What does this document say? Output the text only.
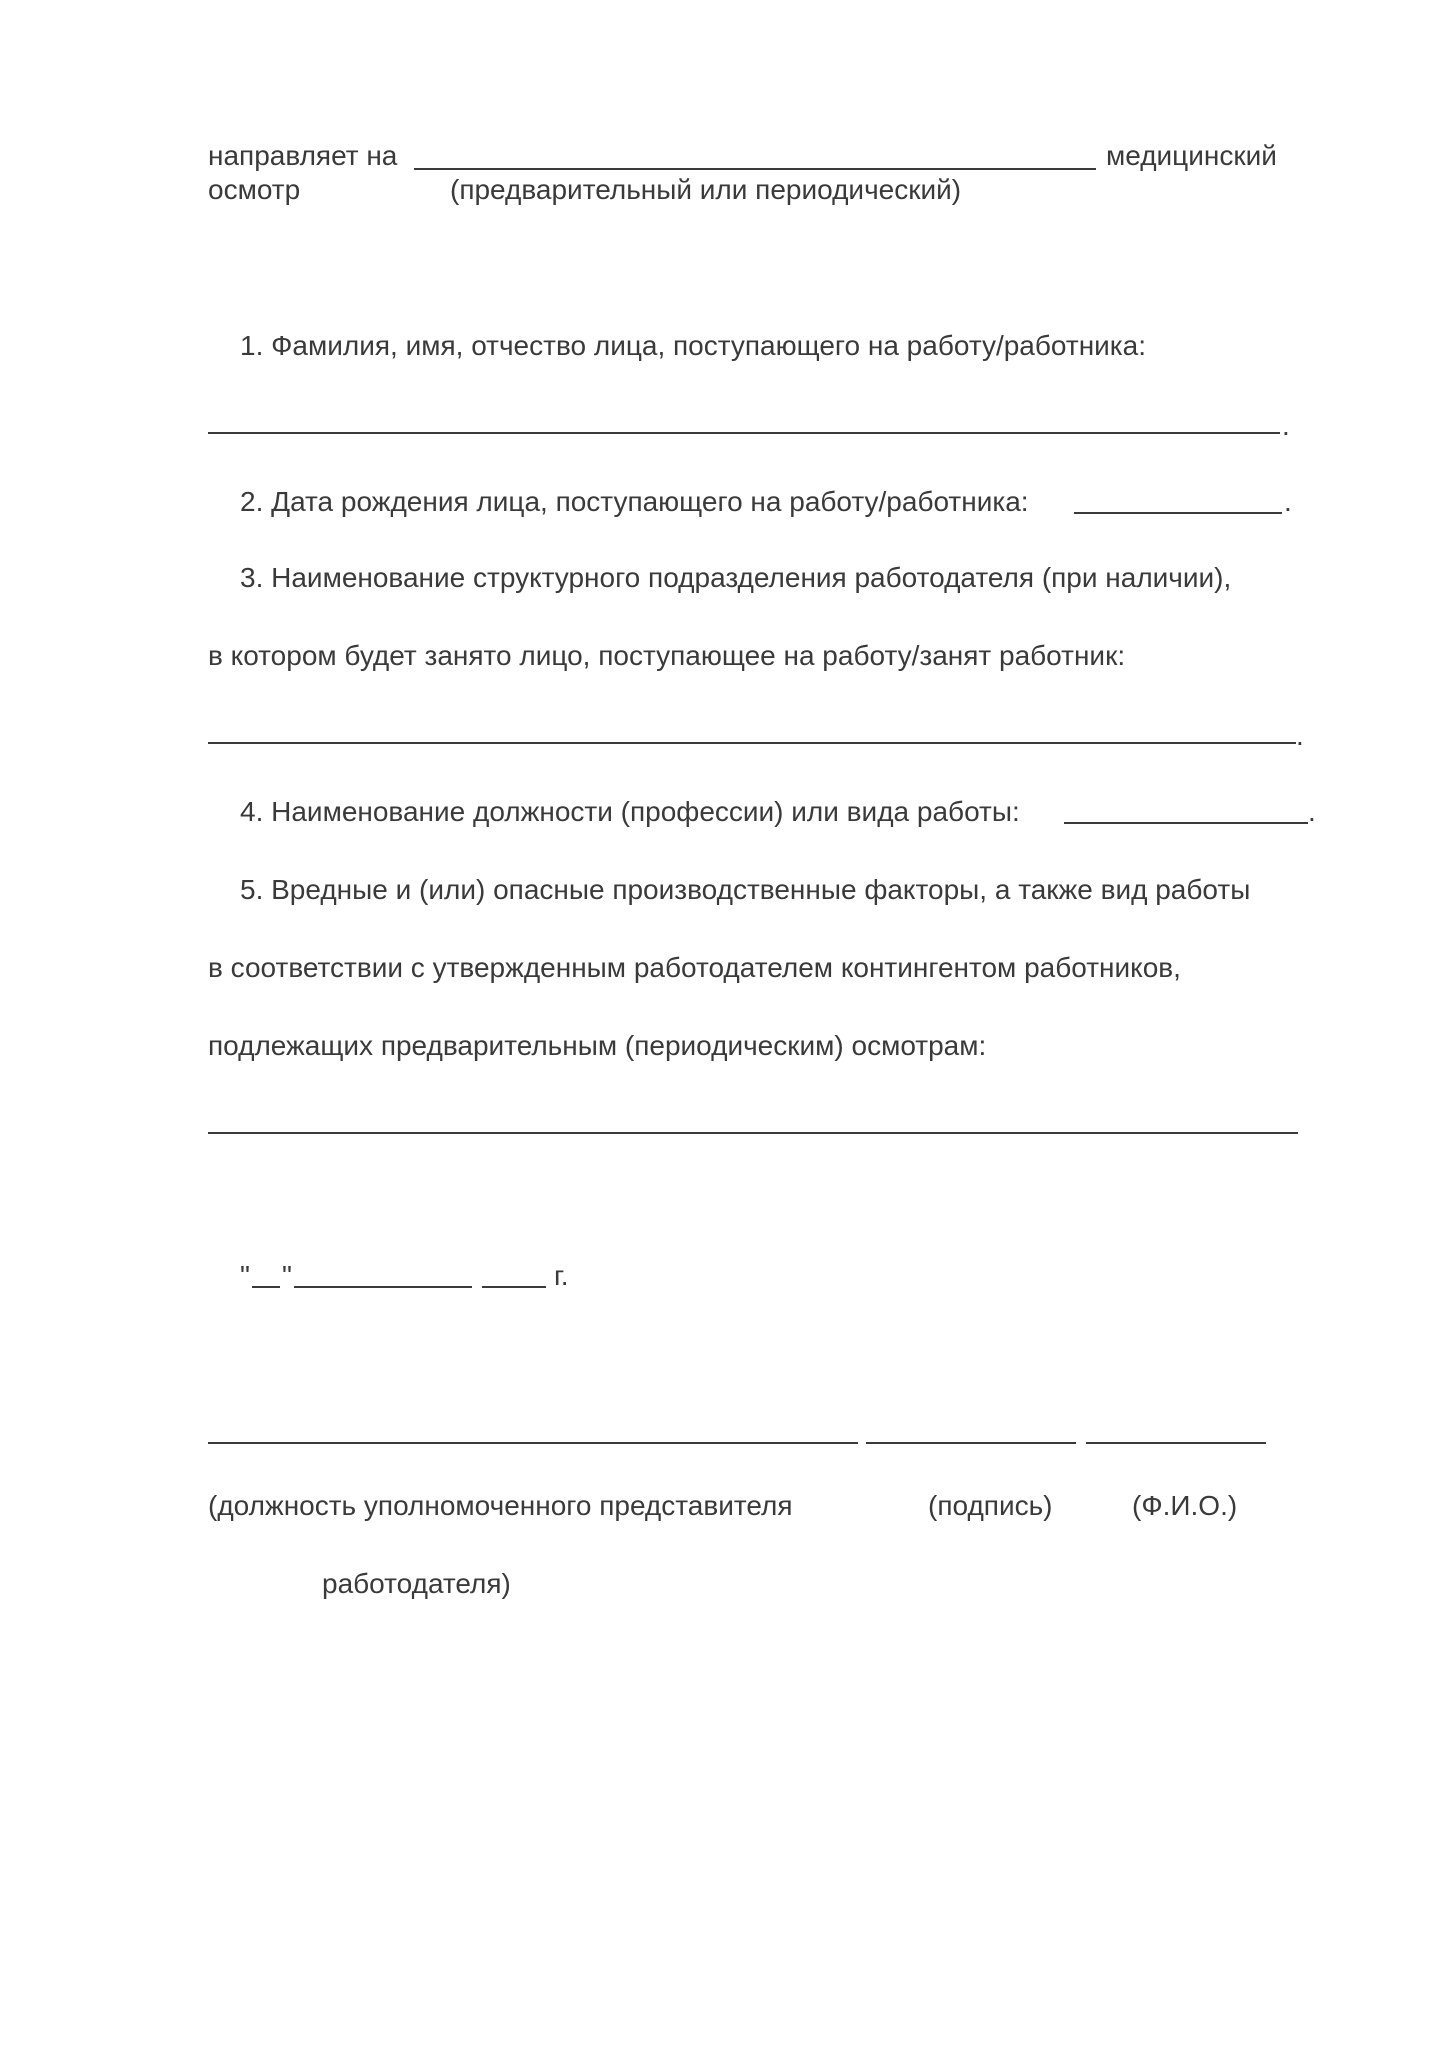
направляет на	медицинский
осмотр	(предварительный или периодический)
1. Фамилия, имя, отчество лица, поступающего на работу/работника:
.
2. Дата рождения лица, поступающего на работу/работника:	.
3. Наименование структурного подразделения работодателя (при наличии),
в котором будет занято лицо, поступающее на работу/занят работник:
.
4. Наименование должности (профессии) или вида работы:	.
5. Вредные и (или) опасные производственные факторы, а также вид работы
в соответствии с утвержденным работодателем контингентом работников,
подлежащих предварительным (периодическим) осмотрам:
" "	г.
(должность уполномоченного представителя	(подпись)	(Ф.И.О.)
работодателя)
